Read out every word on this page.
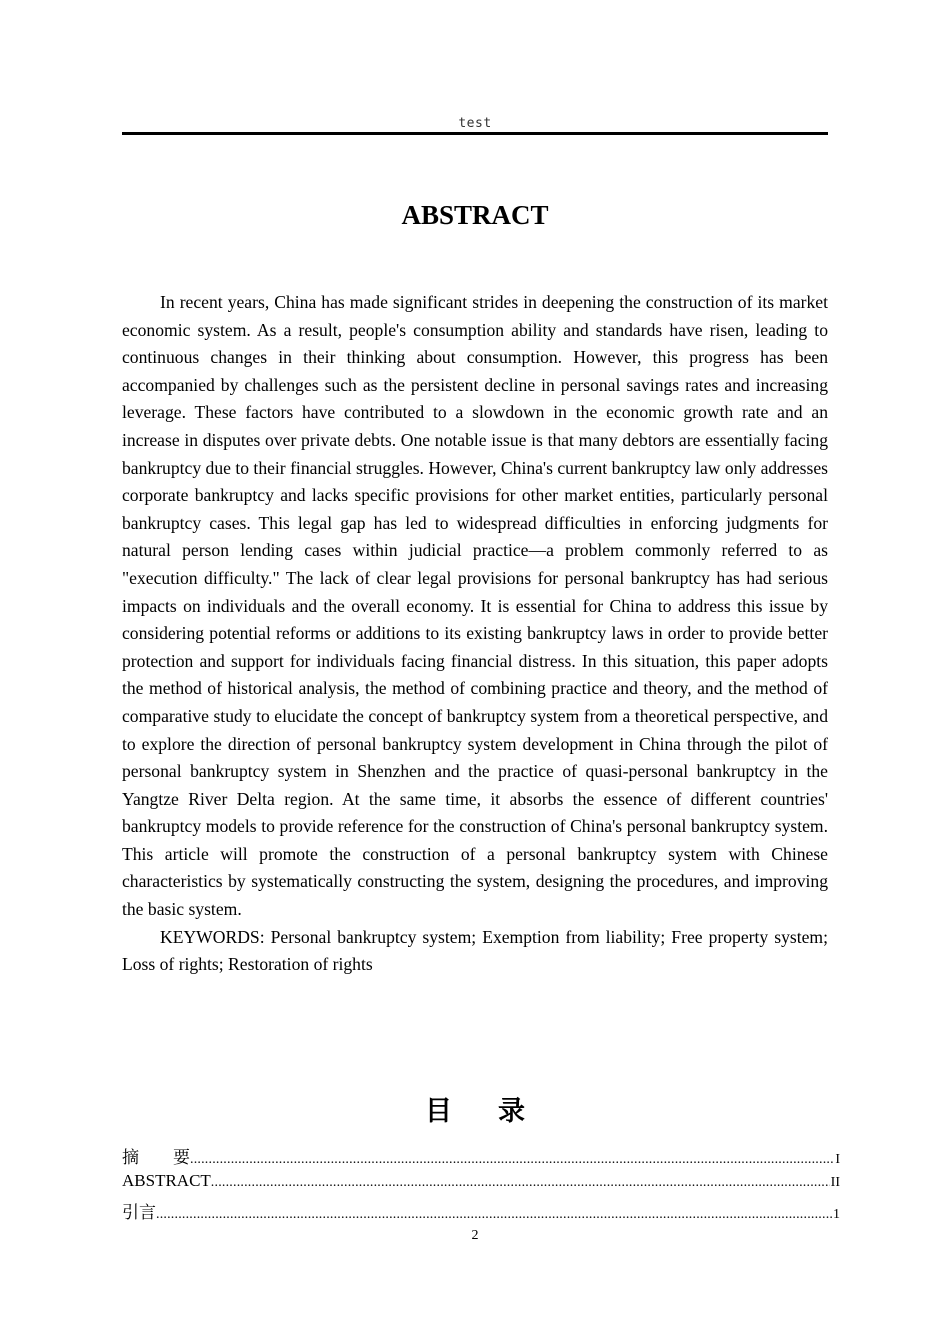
test
ABSTRACT

In recent years, China has made significant strides in deepening the construction of its market economic system. As a result, people's consumption ability and standards have risen, leading to continuous changes in their thinking about consumption. However, this progress has been accompanied by challenges such as the persistent decline in personal savings rates and increasing leverage. These factors have contributed to a slowdown in the economic growth rate and an increase in disputes over private debts. One notable issue is that many debtors are essentially facing bankruptcy due to their financial struggles. However, China's current bankruptcy law only addresses corporate bankruptcy and lacks specific provisions for other market entities, particularly personal bankruptcy cases. This legal gap has led to widespread difficulties in enforcing judgments for natural person lending cases within judicial practice—a problem commonly referred to as "execution difficulty." The lack of clear legal provisions for personal bankruptcy has had serious impacts on individuals and the overall economy. It is essential for China to address this issue by considering potential reforms or additions to its existing bankruptcy laws in order to provide better protection and support for individuals facing financial distress. In this situation, this paper adopts the method of historical analysis, the method of combining practice and theory, and the method of comparative study to elucidate the concept of bankruptcy system from a theoretical perspective, and to explore the direction of personal bankruptcy system development in China through the pilot of personal bankruptcy system in Shenzhen and the practice of quasi-personal bankruptcy in the Yangtze River Delta region. At the same time, it absorbs the essence of different countries' bankruptcy models to provide reference for the construction of China's personal bankruptcy system. This article will promote the construction of a personal bankruptcy system with Chinese characteristics by systematically constructing the system, designing the procedures, and improving the basic system.

KEYWORDS: Personal bankruptcy system; Exemption from liability; Free property system; Loss of rights; Restoration of rights

目 录
摘　　要 .....	I
ABSTRACT .....	II
引言 .....	1
2
